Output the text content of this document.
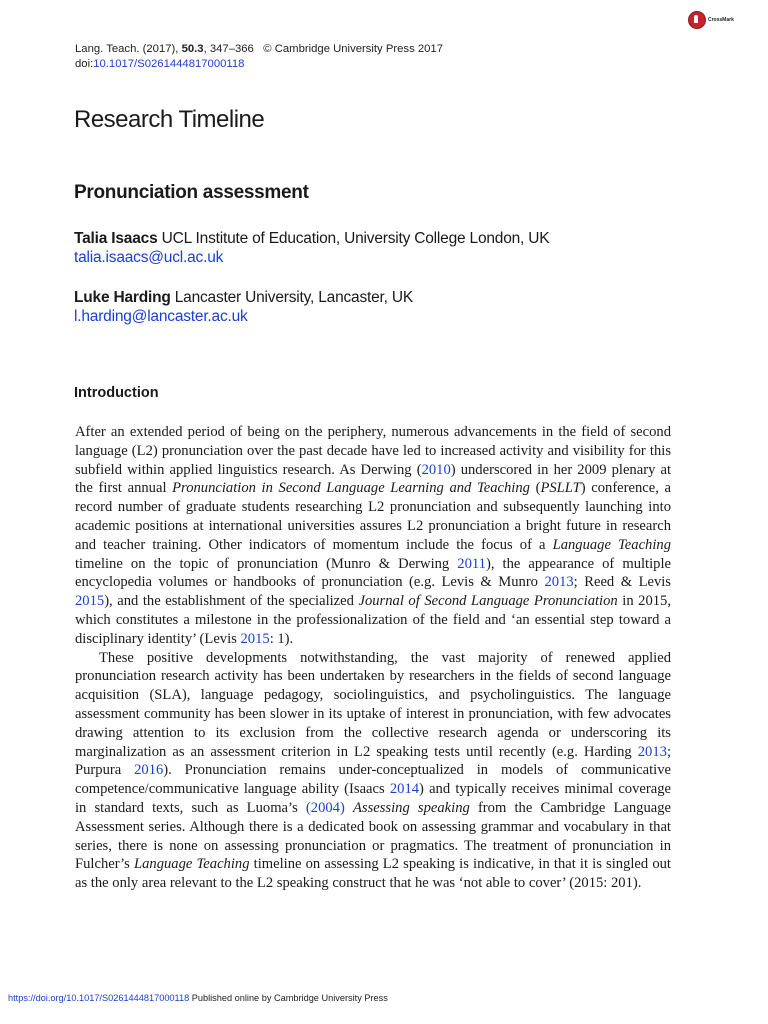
CrossMark
Lang. Teach. (2017), 50.3, 347–366 © Cambridge University Press 2017
doi:10.1017/S0261444817000118
Research Timeline
Pronunciation assessment
Talia Isaacs UCL Institute of Education, University College London, UK
talia.isaacs@ucl.ac.uk
Luke Harding Lancaster University, Lancaster, UK
l.harding@lancaster.ac.uk
Introduction

After an extended period of being on the periphery, numerous advancements in the field of second language (L2) pronunciation over the past decade have led to increased activity and visibility for this subfield within applied linguistics research. As Derwing (2010) underscored in her 2009 plenary at the first annual Pronunciation in Second Language Learning and Teaching (PSLLT) conference, a record number of graduate students researching L2 pronunciation and subsequently launching into academic positions at international universities assures L2 pronunciation a bright future in research and teacher training. Other indicators of momentum include the focus of a Language Teaching timeline on the topic of pronunciation (Munro & Derwing 2011), the appearance of multiple encyclopedia volumes or handbooks of pronunciation (e.g. Levis & Munro 2013; Reed & Levis 2015), and the establishment of the specialized Journal of Second Language Pronunciation in 2015, which constitutes a milestone in the professionalization of the field and ‘an essential step toward a disciplinary identity’ (Levis 2015: 1).

These positive developments notwithstanding, the vast majority of renewed applied pronunciation research activity has been undertaken by researchers in the fields of second language acquisition (SLA), language pedagogy, sociolinguistics, and psycholinguistics. The language assessment community has been slower in its uptake of interest in pronunciation, with few advocates drawing attention to its exclusion from the collective research agenda or underscoring its marginalization as an assessment criterion in L2 speaking tests until recently (e.g. Harding 2013; Purpura 2016). Pronunciation remains under-conceptualized in models of communicative competence/communicative language ability (Isaacs 2014) and typically receives minimal coverage in standard texts, such as Luoma’s (2004) Assessing speaking from the Cambridge Language Assessment series. Although there is a dedicated book on assessing grammar and vocabulary in that series, there is none on assessing pronunciation or pragmatics. The treatment of pronunciation in Fulcher’s Language Teaching timeline on assessing L2 speaking is indicative, in that it is singled out as the only area relevant to the L2 speaking construct that he was ‘not able to cover’ (2015: 201).

https://doi.org/10.1017/S0261444817000118 Published online by Cambridge University Press
